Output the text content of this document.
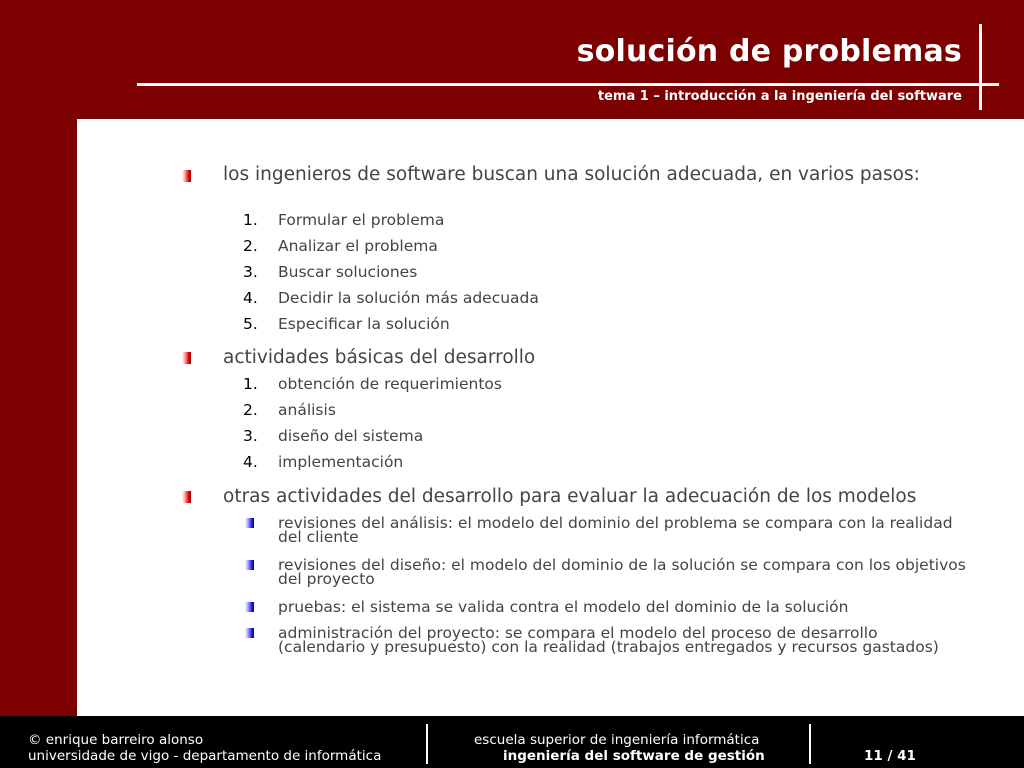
solución de problemas
tema 1 – introducción a la ingeniería del software
los ingenieros de software buscan una solución adecuada, en varios pasos:
1. Formular el problema
2. Analizar el problema
3. Buscar soluciones
4. Decidir la solución más adecuada
5. Especificar la solución
actividades básicas del desarrollo
1. obtención de requerimientos
2. análisis
3. diseño del sistema
4. implementación
otras actividades del desarrollo para evaluar la adecuación de los modelos
revisiones del análisis: el modelo del dominio del problema se compara con la realidad del cliente
revisiones del diseño: el modelo del dominio de la solución se compara con los objetivos del proyecto
pruebas: el sistema se valida contra el modelo del dominio de la solución
administración del proyecto: se compara el modelo del proceso de desarrollo (calendario y presupuesto) con la realidad (trabajos entregados y recursos gastados)
© enrique barreiro alonso
universidade de vigo - departamento de informática
escuela superior de ingeniería informática
ingeniería del software de gestión	11 / 41
